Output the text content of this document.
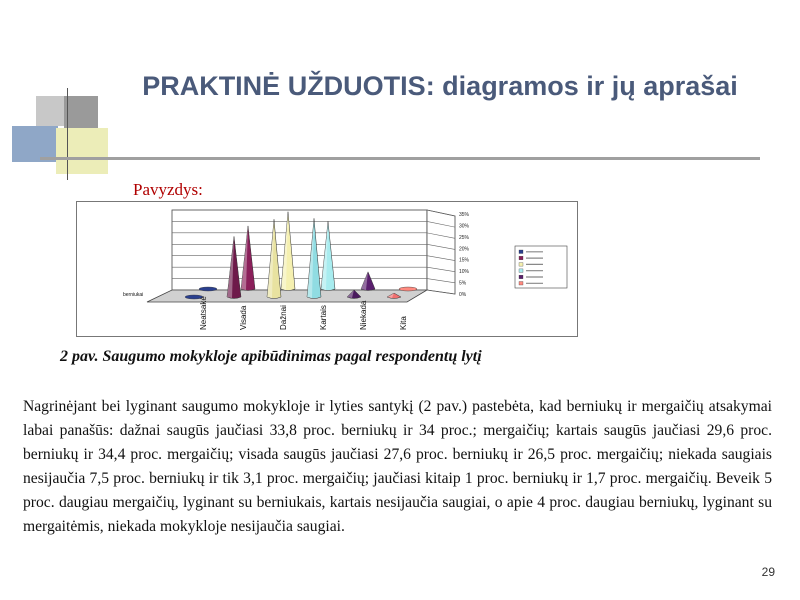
PRAKTINĖ UŽDUOTIS: diagramos ir jų aprašai
Pavyzdys:
35%
30%
25%
20%
15%
10%
5%
0%
Neatsakė	Visada	Dažnai	Kartais	Niekada	Kita
berniukai
2 pav. Saugumo mokykloje apibūdinimas pagal respondentų lytį
Nagrinėjant bei lyginant saugumo mokykloje ir lyties santykį (2 pav.) pastebėta, kad berniukų ir mergaičių atsakymai labai panašūs: dažnai saugūs jaučiasi 33,8 proc. berniukų ir 34 proc.; mergaičių; kartais saugūs jaučiasi 29,6 proc. berniukų ir 34,4 proc. mergaičių; visada saugūs jaučiasi 27,6 proc. berniukų ir 26,5 proc. mergaičių; niekada saugiais nesijaučia 7,5 proc. berniukų ir tik 3,1 proc. mergaičių; jaučiasi kitaip 1 proc. berniukų ir 1,7 proc. mergaičių. Beveik 5 proc. daugiau mergaičių, lyginant su berniukais, kartais nesijaučia saugiai, o apie 4 proc. daugiau berniukų, lyginant su mergaitėmis, niekada mokykloje nesijaučia saugiai.
29
